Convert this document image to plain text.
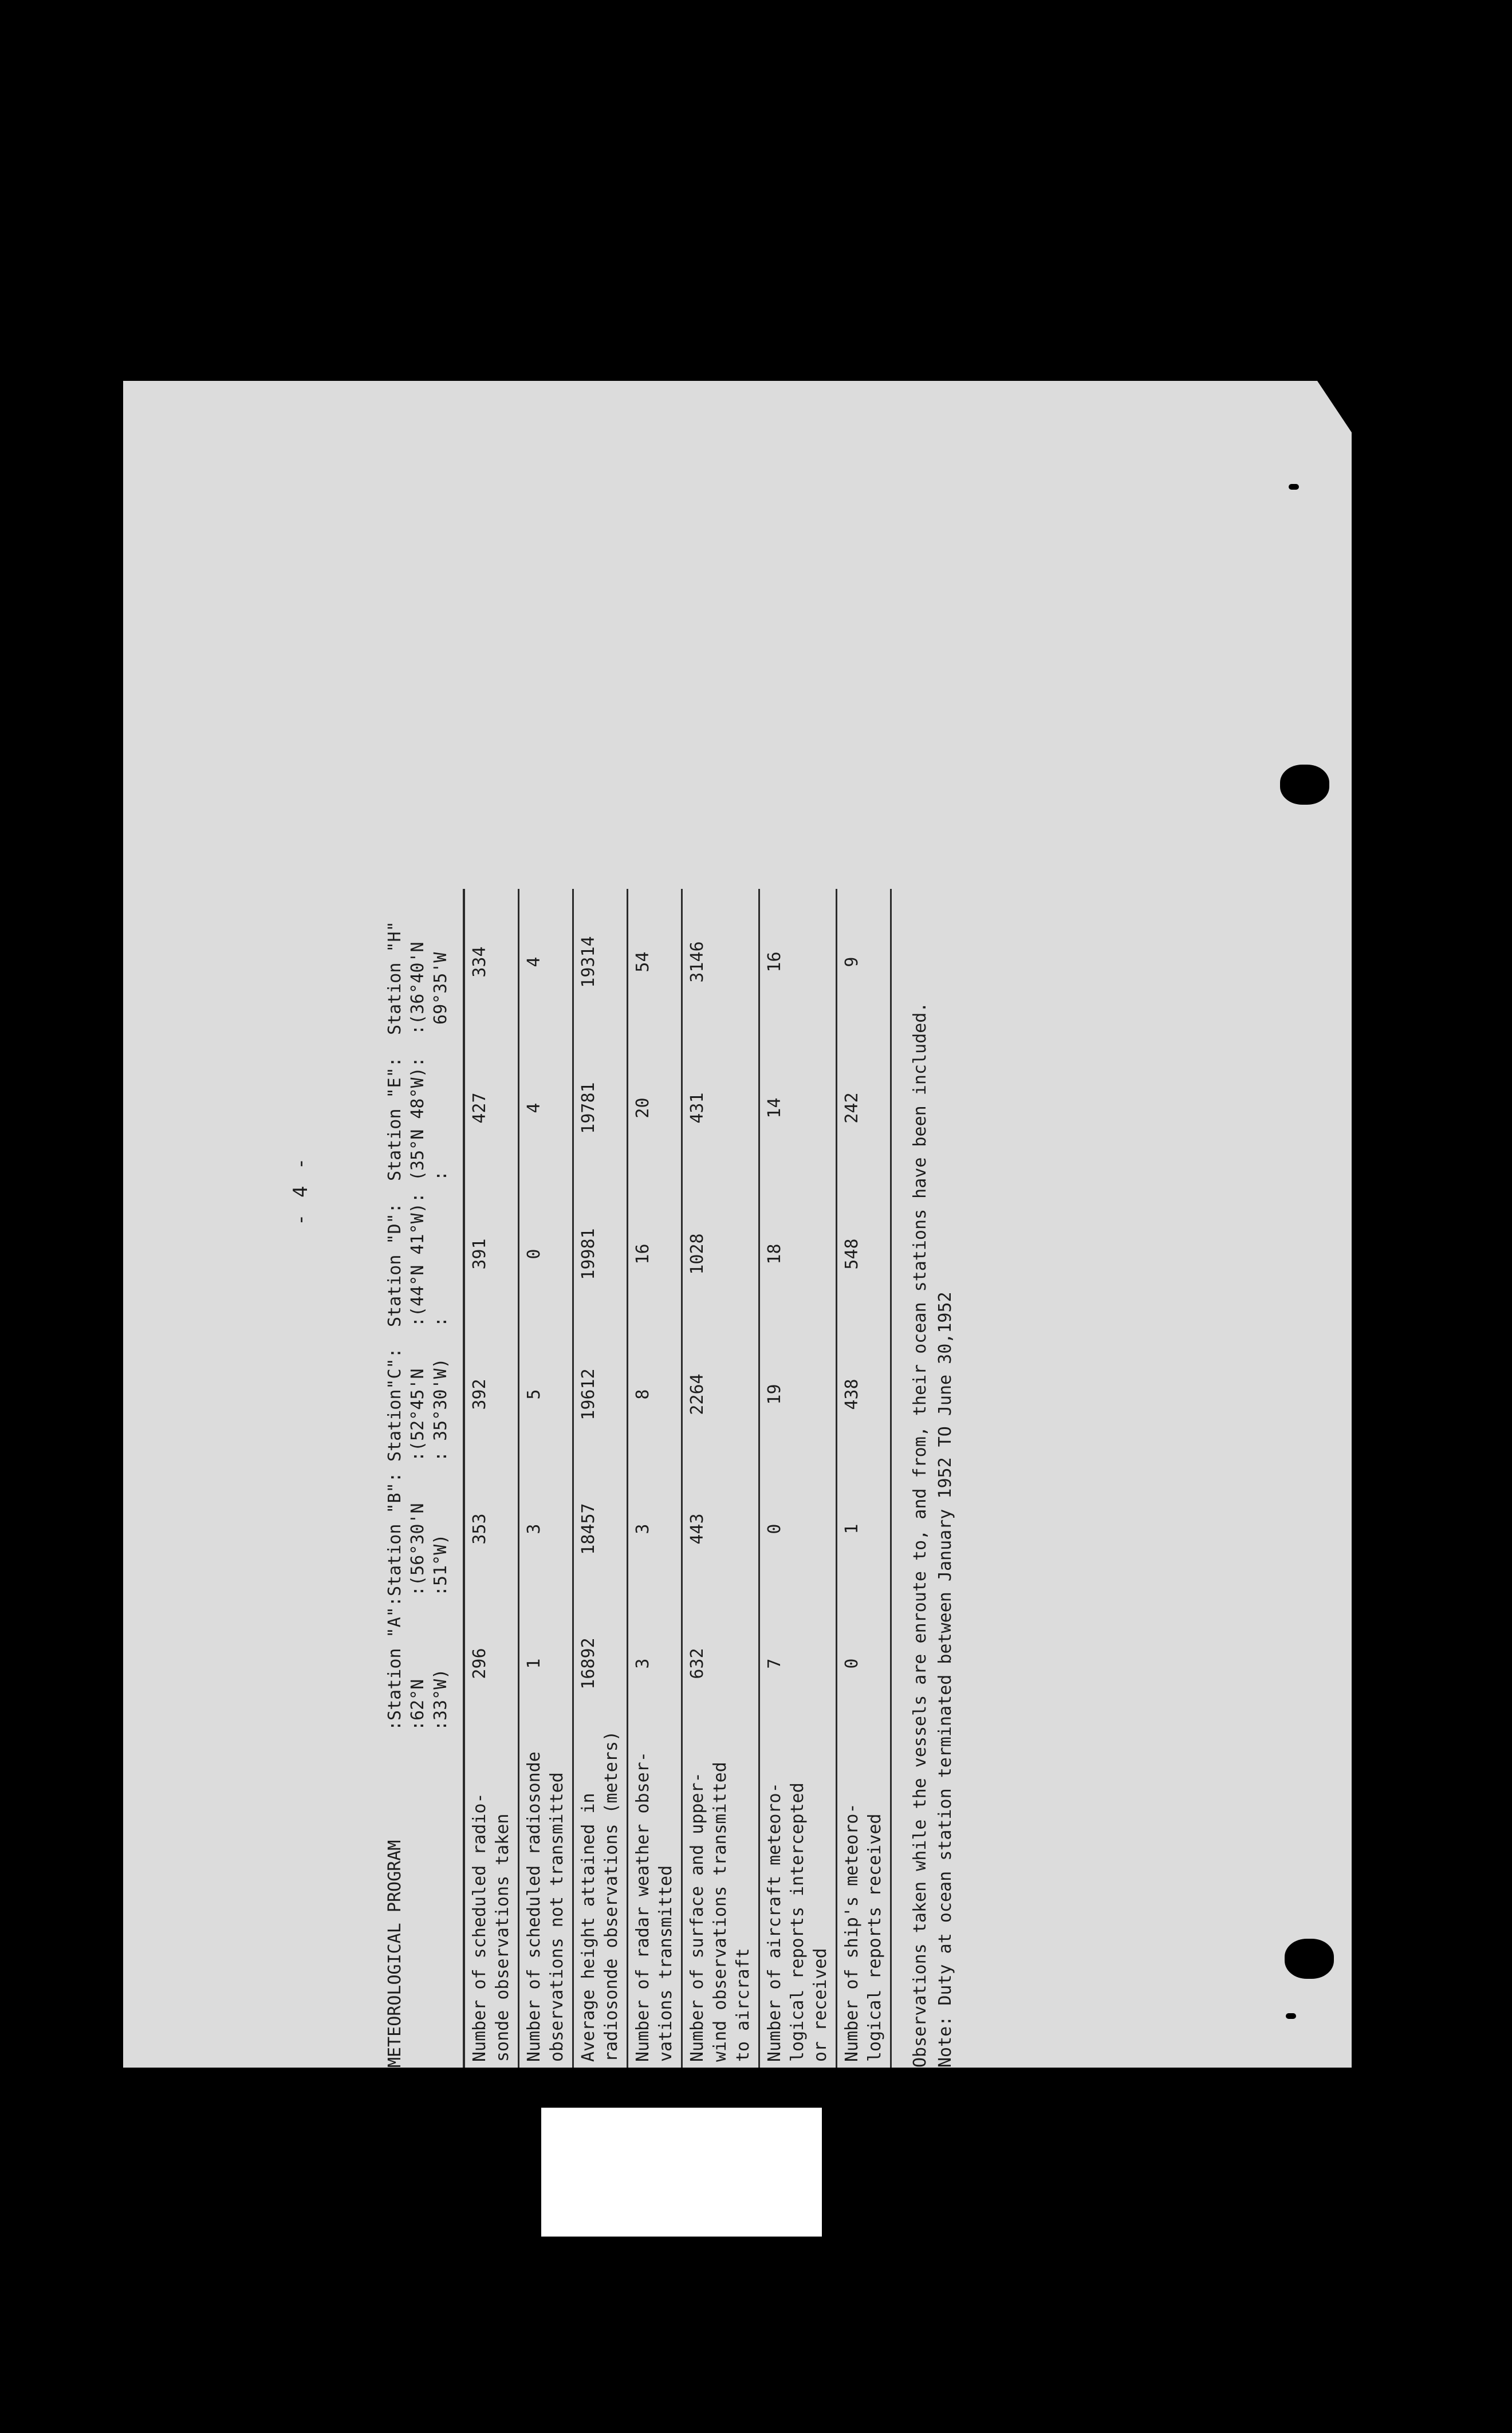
- 4 -
METEOROLOGICAL PROGRAM	:Station "A":
:62°N
:33°W)	Station "B":
:(56°30'N
:51°W)	Station"C":
:(52°45'N : 35°30'W)	Station "D":
:(44°N 41°W):
:	Station "E":
(35°N 48°W):
:	Station "H" :(36°40'N 69°35'W
Number of scheduled radio-
sonde observations taken	296	353	392	391	427	334
Number of scheduled radiosonde
observations not transmitted	1	3	5	0	4	4
Average height attained in
radiosonde observations (meters)	16892	18457	19612	19981	19781	19314
Number of radar weather obser-
vations transmitted	3	3	8	16	20	54
Number of surface and upper-
wind observations transmitted
to aircraft	632	443	2264	1028	431	3146
Number of aircraft meteoro-
logical reports intercepted
or received	7	0	19	18	14	16
Number of ship's meteoro-
logical reports received	0	1	438	548	242	9
Observations taken while the vessels are enroute to, and from, their ocean stations have been included. Note: Duty at ocean station terminated between January 1952 TO June 30,1952
